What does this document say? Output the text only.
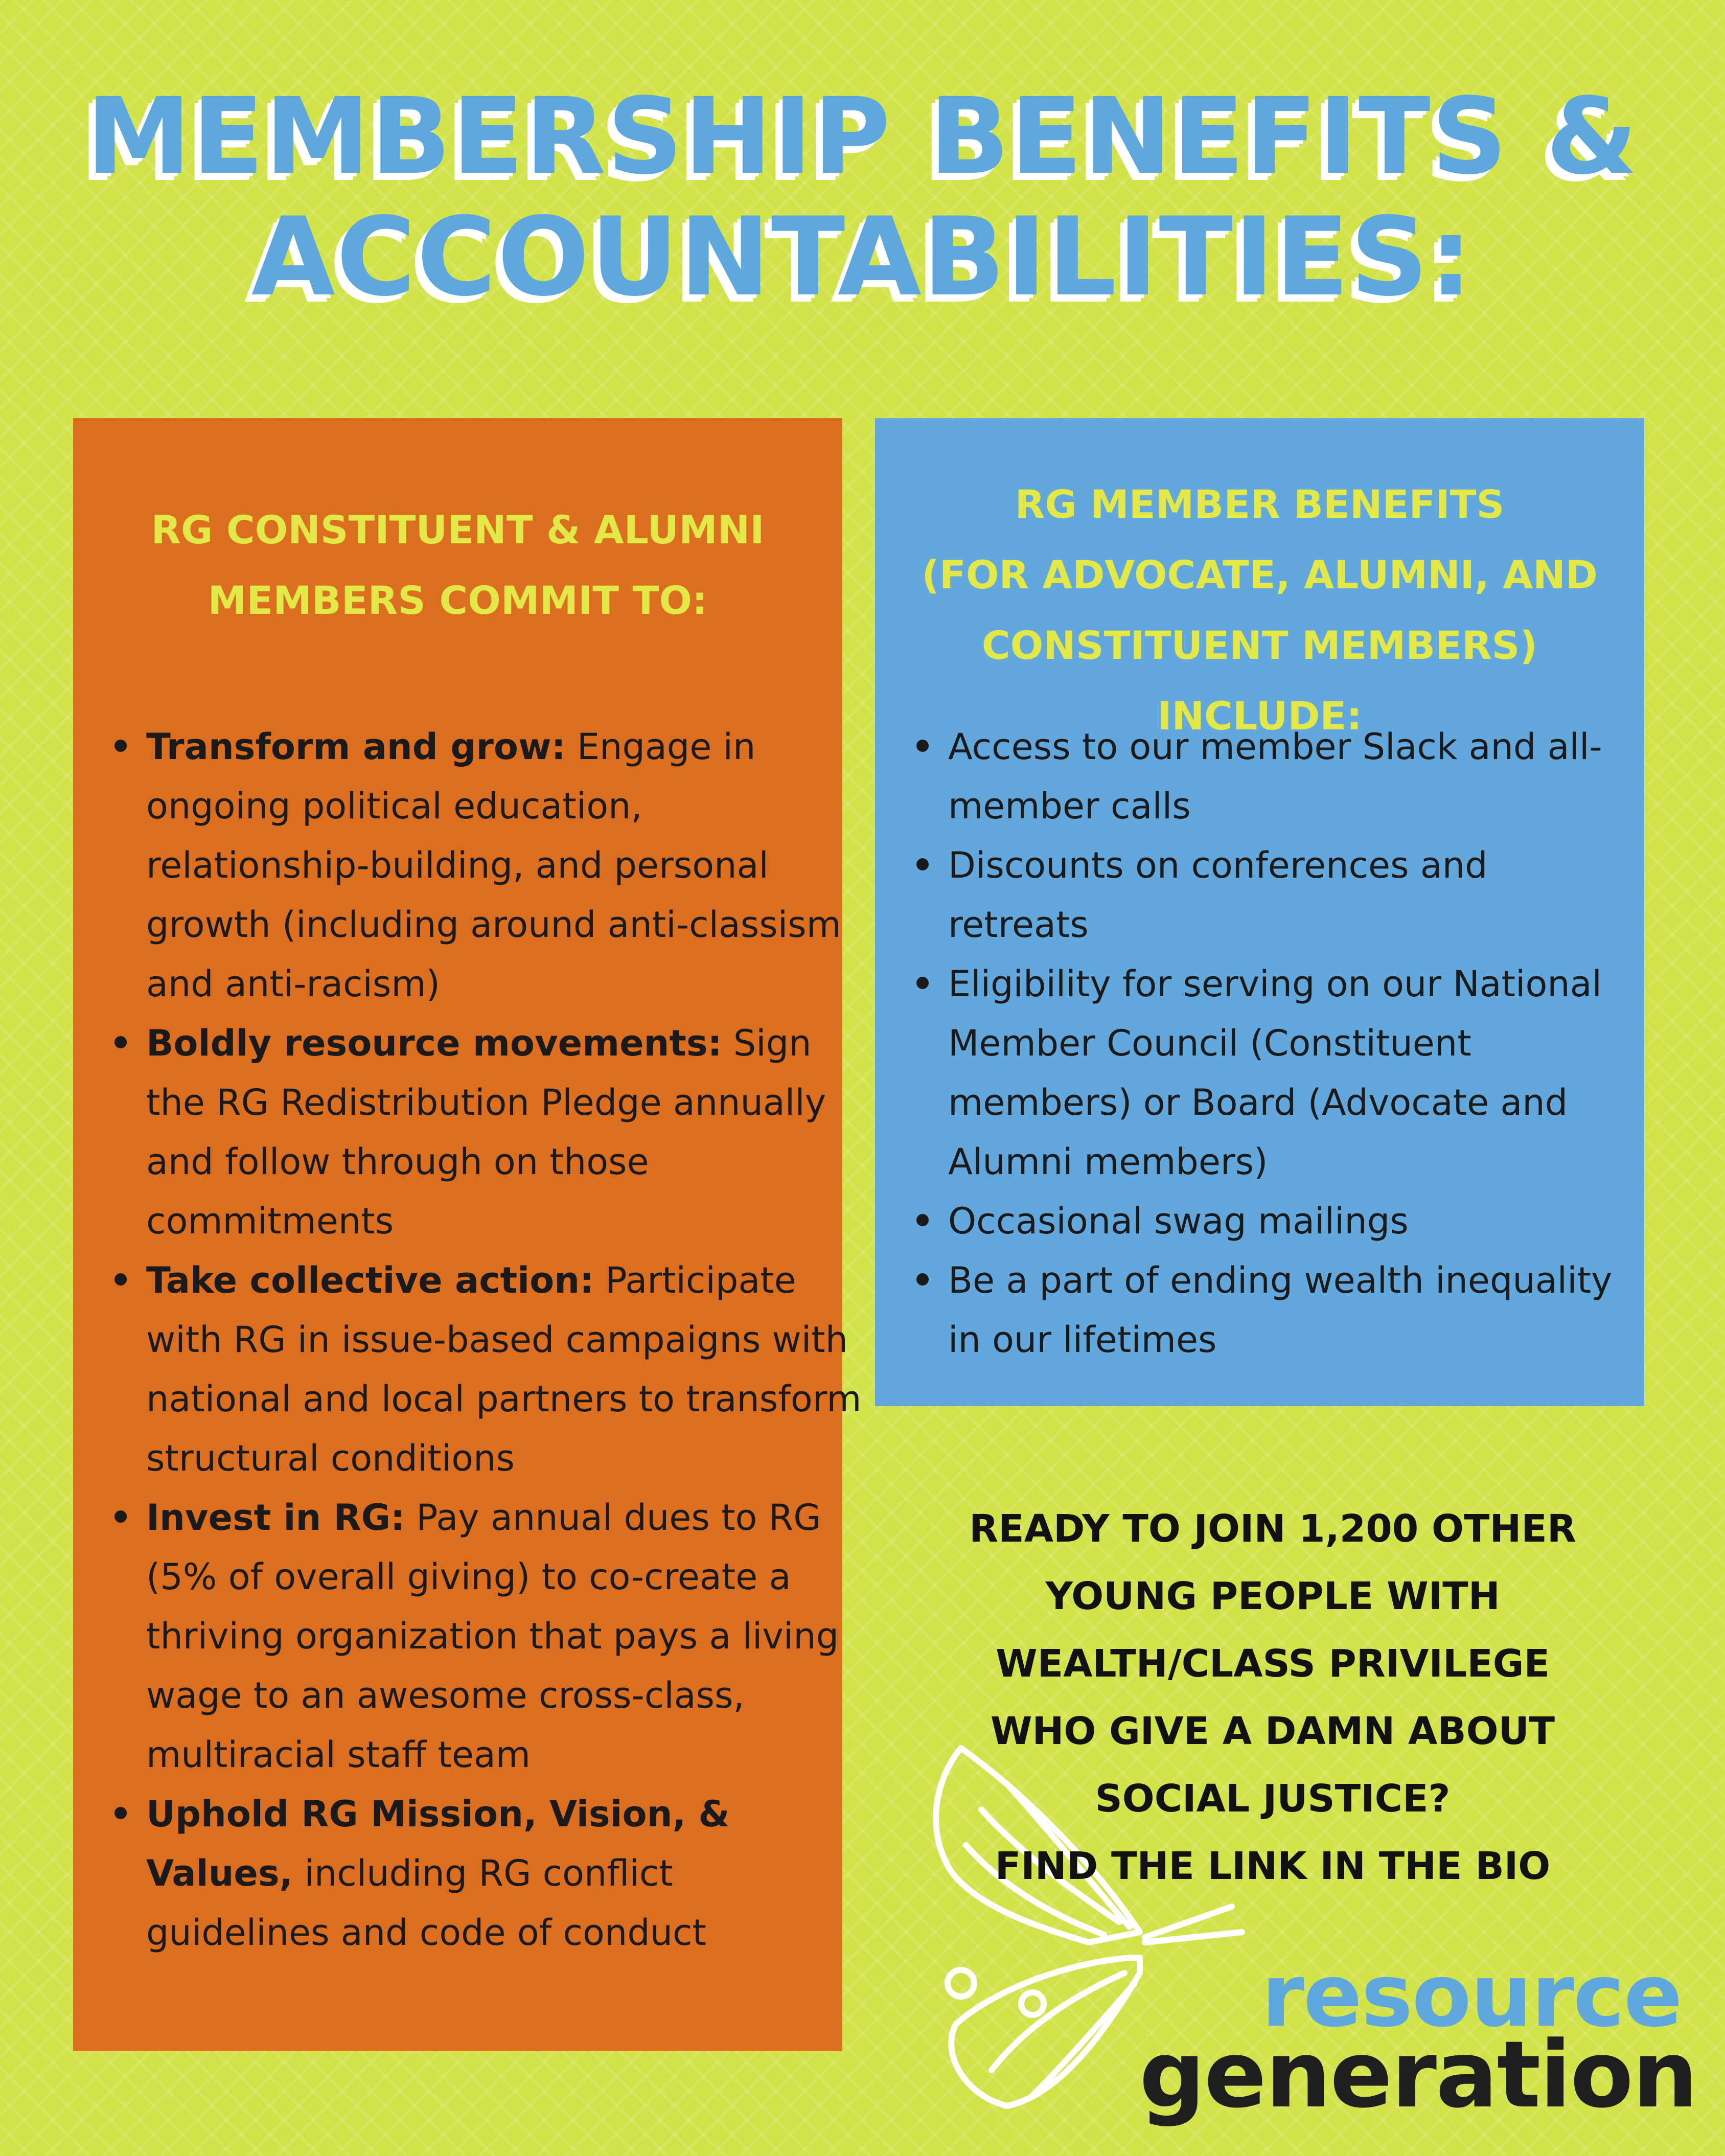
MEMBERSHIP BENEFITS &
ACCOUNTABILITIES:
RG CONSTITUENT & ALUMNI
MEMBERS COMMIT TO:
Transform and grow: Engage in ongoing political education, relationship-building, and personal growth (including around anti-classism and anti-racism)
Boldly resource movements: Sign the RG Redistribution Pledge annually and follow through on those commitments
Take collective action: Participate with RG in issue-based campaigns with national and local partners to transform structural conditions
Invest in RG: Pay annual dues to RG (5% of overall giving) to co-create a thriving organization that pays a living wage to an awesome cross-class, multiracial staff team
Uphold RG Mission, Vision, & Values, including RG conflict guidelines and code of conduct
RG MEMBER BENEFITS
(FOR ADVOCATE, ALUMNI, AND
CONSTITUENT MEMBERS) INCLUDE:
Access to our member Slack and all-member calls
Discounts on conferences and retreats
Eligibility for serving on our National Member Council (Constituent members) or Board (Advocate and Alumni members)
Occasional swag mailings
Be a part of ending wealth inequality in our lifetimes
READY TO JOIN 1,200 OTHER
YOUNG PEOPLE WITH
WEALTH/CLASS PRIVILEGE
WHO GIVE A DAMN ABOUT
SOCIAL JUSTICE?
FIND THE LINK IN THE BIO
resource
generation
